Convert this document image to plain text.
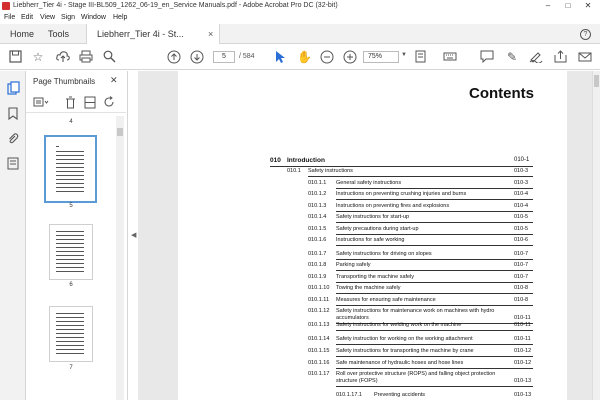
Liebherr_Tier 4i - Stage III-BL509_1262_06-19_en_Service Manuals.pdf - Adobe Acrobat Pro DC (32-bit)	–	□	✕
File Edit View Sign Window Help
Home	Tools	Liebherr_Tier 4i - St...	×	?
☆	5	/ 584	✋	75%	▼	✎
Page Thumbnails ✕
4
5
6
7
◀
Contents
010 Introduction	010-1
010.1 Safety instructions	010-3
010.1.1 General safety instructions	010-3
010.1.2 Instructions on preventing crushing injuries and burns	010-4
010.1.3 Instructions on preventing fires and explosions	010-4
010.1.4 Safety instructions for start-up	010-5
010.1.5 Safety precautions during start-up	010-5
010.1.6 Instructions for safe working	010-6
010.1.7 Safety instructions for driving on slopes	010-7
010.1.8 Parking safely	010-7
010.1.9 Transporting the machine safely	010-7
010.1.10 Towing the machine safely	010-8
010.1.11 Measures for ensuring safe maintenance	010-8
010.1.12 Safety instructions for maintenance work on machines with hydro
accumulators	010-11
010.1.13 Safety instructions for welding work on the machine	010-11
010.1.14 Safety instruction for working on the working attachment	010-11
010.1.15 Safety instructions for transporting the machine by crane	010-12
010.1.16 Safe maintenance of hydraulic hoses and hose lines	010-12
010.1.17 Roll over protective structure (ROPS) and falling object protection
structure (FOPS)	010-13
010.1.17.1 Preventing accidents	010-13
